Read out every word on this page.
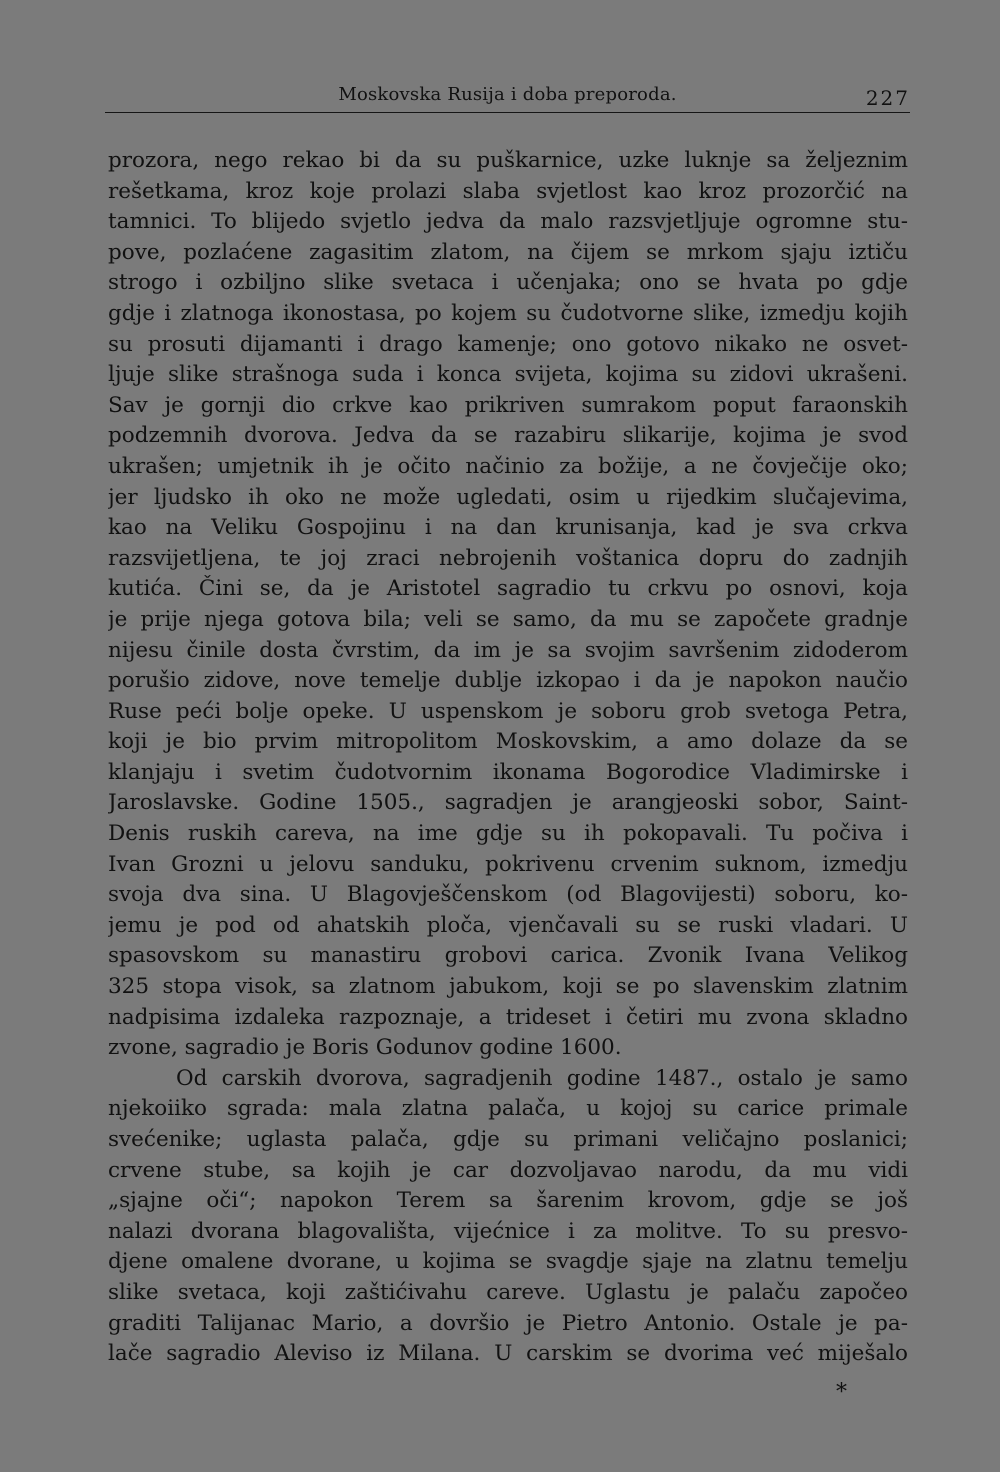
Moskovska Rusija i doba preporoda.	227
prozora, nego rekao bi da su puškarnice, uzke luknje sa željeznim
rešetkama, kroz koje prolazi slaba svjetlost kao kroz prozorčić na
tamnici. To blijedo svjetlo jedva da malo razsvjetljuje ogromne stu-
pove, pozlaćene zagasitim zlatom, na čijem se mrkom sjaju iztiču
strogo i ozbiljno slike svetaca i učenjaka; ono se hvata po gdje
gdje i zlatnoga ikonostasa, po kojem su čudotvorne slike, izmedju kojih
su prosuti dijamanti i drago kamenje; ono gotovo nikako ne osvet-
ljuje slike strašnoga suda i konca svijeta, kojima su zidovi ukrašeni.
Sav je gornji dio crkve kao prikriven sumrakom poput faraonskih
podzemnih dvorova. Jedva da se razabiru slikarije, kojima je svod
ukrašen; umjetnik ih je očito načinio za božije, a ne čovječije oko;
jer ljudsko ih oko ne može ugledati, osim u rijedkim slučajevima,
kao na Veliku Gospojinu i na dan krunisanja, kad je sva crkva
razsvijetljena, te joj zraci nebrojenih voštanica dopru do zadnjih
kutića. Čini se, da je Aristotel sagradio tu crkvu po osnovi, koja
je prije njega gotova bila; veli se samo, da mu se započete gradnje
nijesu činile dosta čvrstim, da im je sa svojim savršenim zidoderom
porušio zidove, nove temelje dublje izkopao i da je napokon naučio
Ruse peći bolje opeke. U uspenskom je soboru grob svetoga Petra,
koji je bio prvim mitropolitom Moskovskim, a amo dolaze da se
klanjaju i svetim čudotvornim ikonama Bogorodice Vladimirske i
Jaroslavske. Godine 1505., sagradjen je arangjeoski sobor, Saint-
Denis ruskih careva, na ime gdje su ih pokopavali. Tu počiva i
Ivan Grozni u jelovu sanduku, pokrivenu crvenim suknom, izmedju
svoja dva sina. U Blagovješčenskom (od Blagovijesti) soboru, ko-
jemu je pod od ahatskih ploča, vjenčavali su se ruski vladari. U
spasovskom su manastiru grobovi carica. Zvonik Ivana Velikog
325 stopa visok, sa zlatnom jabukom, koji se po slavenskim zlatnim
nadpisima izdaleka razpoznaje, a trideset i četiri mu zvona skladno
zvone, sagradio je Boris Godunov godine 1600.
Od carskih dvorova, sagradjenih godine 1487., ostalo je samo
njekoiiko sgrada: mala zlatna palača, u kojoj su carice primale
svećenike; uglasta palača, gdje su primani veličajno poslanici;
crvene stube, sa kojih je car dozvoljavao narodu, da mu vidi
„sjajne oči“; napokon Terem sa šarenim krovom, gdje se još
nalazi dvorana blagovališta, vijećnice i za molitve. To su presvo-
djene omalene dvorane, u kojima se svagdje sjaje na zlatnu temelju
slike svetaca, koji zaštićivahu careve. Uglastu je palaču započeo
graditi Talijanac Mario, a dovršio je Pietro Antonio. Ostale je pa-
lače sagradio Aleviso iz Milana. U carskim se dvorima već miješalo
*
